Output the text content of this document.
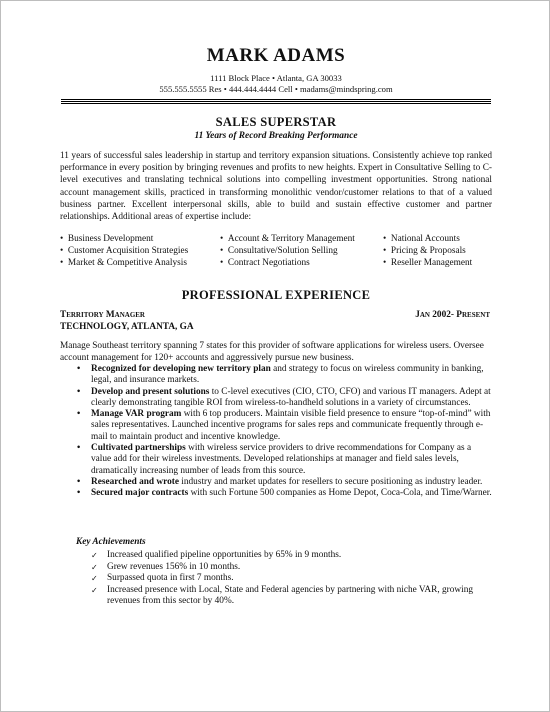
MARK ADAMS
1111 Block Place • Atlanta, GA 30033
555.555.5555 Res • 444.444.4444 Cell • madams@mindspring.com
SALES SUPERSTAR
11 Years of Record Breaking Performance

11 years of successful sales leadership in startup and territory expansion situations. Consistently achieve top ranked performance in every position by bringing revenues and profits to new heights. Expert in Consultative Selling to C-level executives and translating technical solutions into compelling investment opportunities. Strong national account management skills, practiced in transforming monolithic vendor/customer relations to that of a valued business partner. Excellent interpersonal skills, able to build and sustain effective customer and partner relationships. Additional areas of expertise include:

•  Business Development
•  Customer Acquisition Strategies
•  Market & Competitive Analysis
•  Account & Territory Management
•  Consultative/Solution Selling
•  Contract Negotiations
•  National Accounts
•  Pricing & Proposals
•  Reseller Management
PROFESSIONAL EXPERIENCE
Territory Manager	Jan 2002- Present
TECHNOLOGY, ATLANTA, GA

Manage Southeast territory spanning 7 states for this provider of software applications for wireless users. Oversee account management for 120+ accounts and aggressively pursue new business.

• Recognized for developing new territory plan and strategy to focus on wireless community in banking, legal, and insurance markets.
• Develop and present solutions to C-level executives (CIO, CTO, CFO) and various IT managers. Adept at clearly demonstrating tangible ROI from wireless-to-handheld solutions in a variety of circumstances.
• Manage VAR program with 6 top producers. Maintain visible field presence to ensure “top-of-mind” with sales representatives. Launched incentive programs for sales reps and communicate frequently through e-mail to maintain product and incentive knowledge.
• Cultivated partnerships with wireless service providers to drive recommendations for Company as a value add for their wireless investments. Developed relationships at manager and field sales levels, dramatically increasing number of leads from this source.
• Researched and wrote industry and market updates for resellers to secure positioning as industry leader.
• Secured major contracts with such Fortune 500 companies as Home Depot, Coca-Cola, and Time/Warner.
Key Achievements
✓ Increased qualified pipeline opportunities by 65% in 9 months.
✓ Grew revenues 156% in 10 months.
✓ Surpassed quota in first 7 months.
✓ Increased presence with Local, State and Federal agencies by partnering with niche VAR, growing revenues from this sector by 40%.
